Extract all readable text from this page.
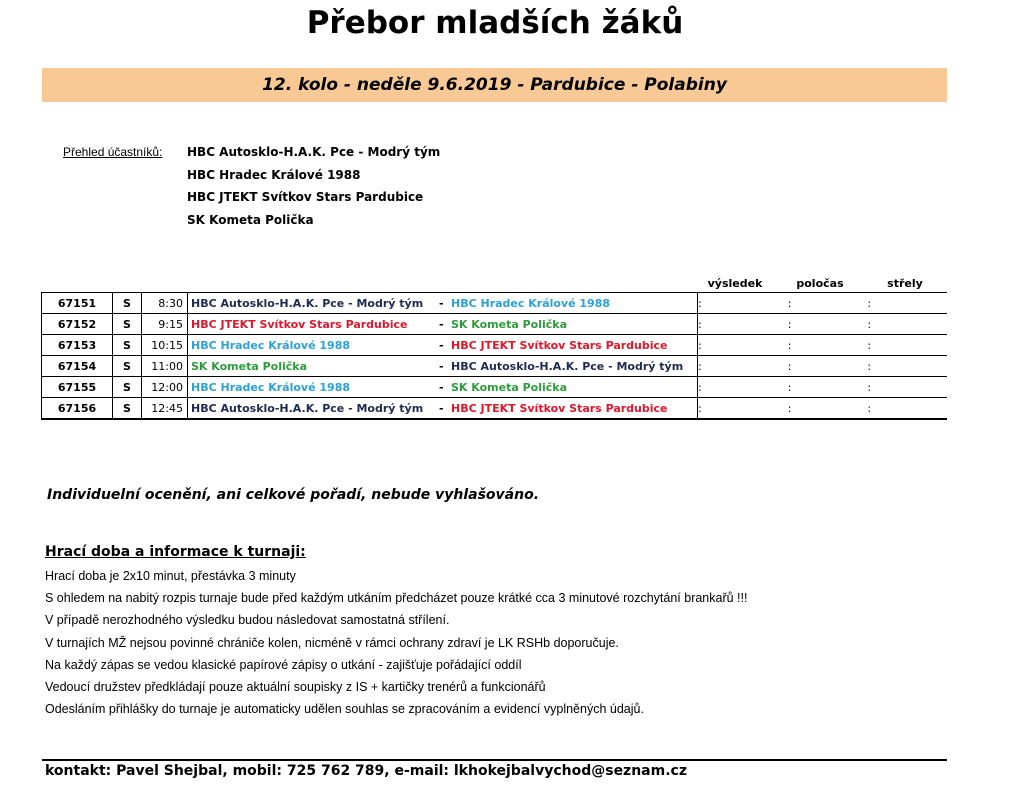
Přebor mladších žáků
12. kolo - neděle 9.6.2019 - Pardubice - Polabiny
Přehled účastníků: HBC Autosklo-H.A.K. Pce - Modrý tým
HBC Hradec Králové 1988
HBC JTEKT Svítkov Stars Pardubice
SK Kometa Polička
výsledek	poločas	střely
67151	S	8:30	HBC Autosklo-H.A.K. Pce - Modrý tým	-	HBC Hradec Králové 1988	:	:	:
67152	S	9:15	HBC JTEKT Svítkov Stars Pardubice	-	SK Kometa Polička	:	:	:
67153	S	10:15	HBC Hradec Králové 1988	-	HBC JTEKT Svítkov Stars Pardubice	:	:	:
67154	S	11:00	SK Kometa Polička	-	HBC Autosklo-H.A.K. Pce - Modrý tým	:	:	:
67155	S	12:00	HBC Hradec Králové 1988	-	SK Kometa Polička	:	:	:
67156	S	12:45	HBC Autosklo-H.A.K. Pce - Modrý tým	-	HBC JTEKT Svítkov Stars Pardubice	:	:	:
Individuelní ocenění, ani celkové pořadí, nebude vyhlašováno.
Hrací doba a informace k turnaji:
Hrací doba je 2x10 minut, přestávka 3 minuty
S ohledem na nabitý rozpis turnaje bude před každým utkáním předcházet pouze krátké cca 3 minutové rozchytání brankařů !!!
V případě nerozhodného výsledku budou následovat samostatná střílení.
V turnajích MŽ nejsou povinné chrániče kolen, nicméně v rámci ochrany zdraví je LK RSHb doporučuje.
Na každý zápas se vedou klasické papírové zápisy o utkání - zajišťuje pořádající oddíl
Vedoucí družstev předkládají pouze aktuální soupisky z IS + kartičky trenérů a funkcionářů
Odesláním přihlášky do turnaje je automaticky udělen souhlas se zpracováním a evidencí vyplněných údajů.
kontakt: Pavel Shejbal, mobil: 725 762 789, e-mail: lkhokejbalvychod@seznam.cz
